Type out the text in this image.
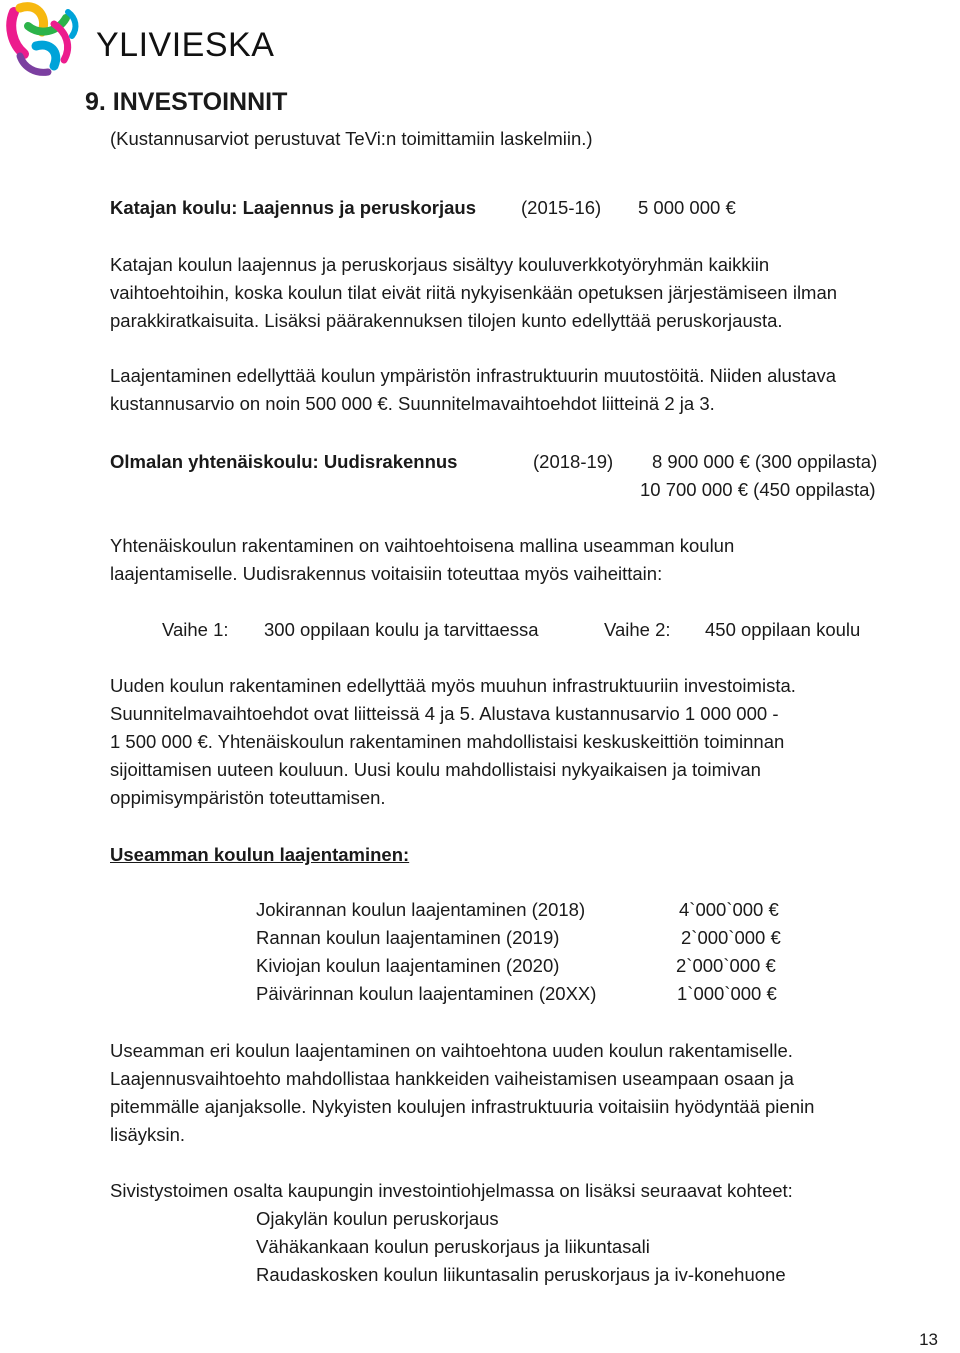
YLIVIESKA
9. INVESTOINNIT
(Kustannusarviot perustuvat TeVi:n toimittamiin laskelmiin.)
Katajan koulu: Laajennus ja peruskorjaus (2015-16) 5 000 000 €
Katajan koulun laajennus ja peruskorjaus sisältyy kouluverkkotyöryhmän kaikkiin
vaihtoehtoihin, koska koulun tilat eivät riitä nykyisenkään opetuksen järjestämiseen ilman
parakkiratkaisuita. Lisäksi päärakennuksen tilojen kunto edellyttää peruskorjausta.
Laajentaminen edellyttää koulun ympäristön infrastruktuurin muutostöitä. Niiden alustava
kustannusarvio on noin 500 000 €. Suunnitelmavaihtoehdot liitteinä 2 ja 3.
Olmalan yhtenäiskoulu: Uudisrakennus	(2018-19) 8 900 000 € (300 oppilasta)
10 700 000 € (450 oppilasta)
Yhtenäiskoulun rakentaminen on vaihtoehtoisena mallina useamman koulun
laajentamiselle. Uudisrakennus voitaisiin toteuttaa myös vaiheittain:
Vaihe 1: 300 oppilaan koulu ja tarvittaessa	Vaihe 2: 450 oppilaan koulu
Uuden koulun rakentaminen edellyttää myös muuhun infrastruktuuriin investoimista.
Suunnitelmavaihtoehdot ovat liitteissä 4 ja 5. Alustava kustannusarvio 1 000 000 -
1 500 000 €. Yhtenäiskoulun rakentaminen mahdollistaisi keskuskeittiön toiminnan
sijoittamisen uuteen kouluun. Uusi koulu mahdollistaisi nykyaikaisen ja toimivan
oppimisympäristön toteuttamisen.
Useamman koulun laajentaminen:
Jokirannan koulun laajentaminen (2018)	4`000`000 €
Rannan koulun laajentaminen (2019)	2`000`000 €
Kiviojan koulun laajentaminen (2020)	2`000`000 €
Päivärinnan koulun laajentaminen (20XX)	1`000`000 €
Useamman eri koulun laajentaminen on vaihtoehtona uuden koulun rakentamiselle.
Laajennusvaihtoehto mahdollistaa hankkeiden vaiheistamisen useampaan osaan ja
pitemmälle ajanjaksolle. Nykyisten koulujen infrastruktuuria voitaisiin hyödyntää pienin
lisäyksin.
Sivistystoimen osalta kaupungin investointiohjelmassa on lisäksi seuraavat kohteet:
Ojakylän koulun peruskorjaus
Vähäkankaan koulun peruskorjaus ja liikuntasali
Raudaskosken koulun liikuntasalin peruskorjaus ja iv-konehuone
13
